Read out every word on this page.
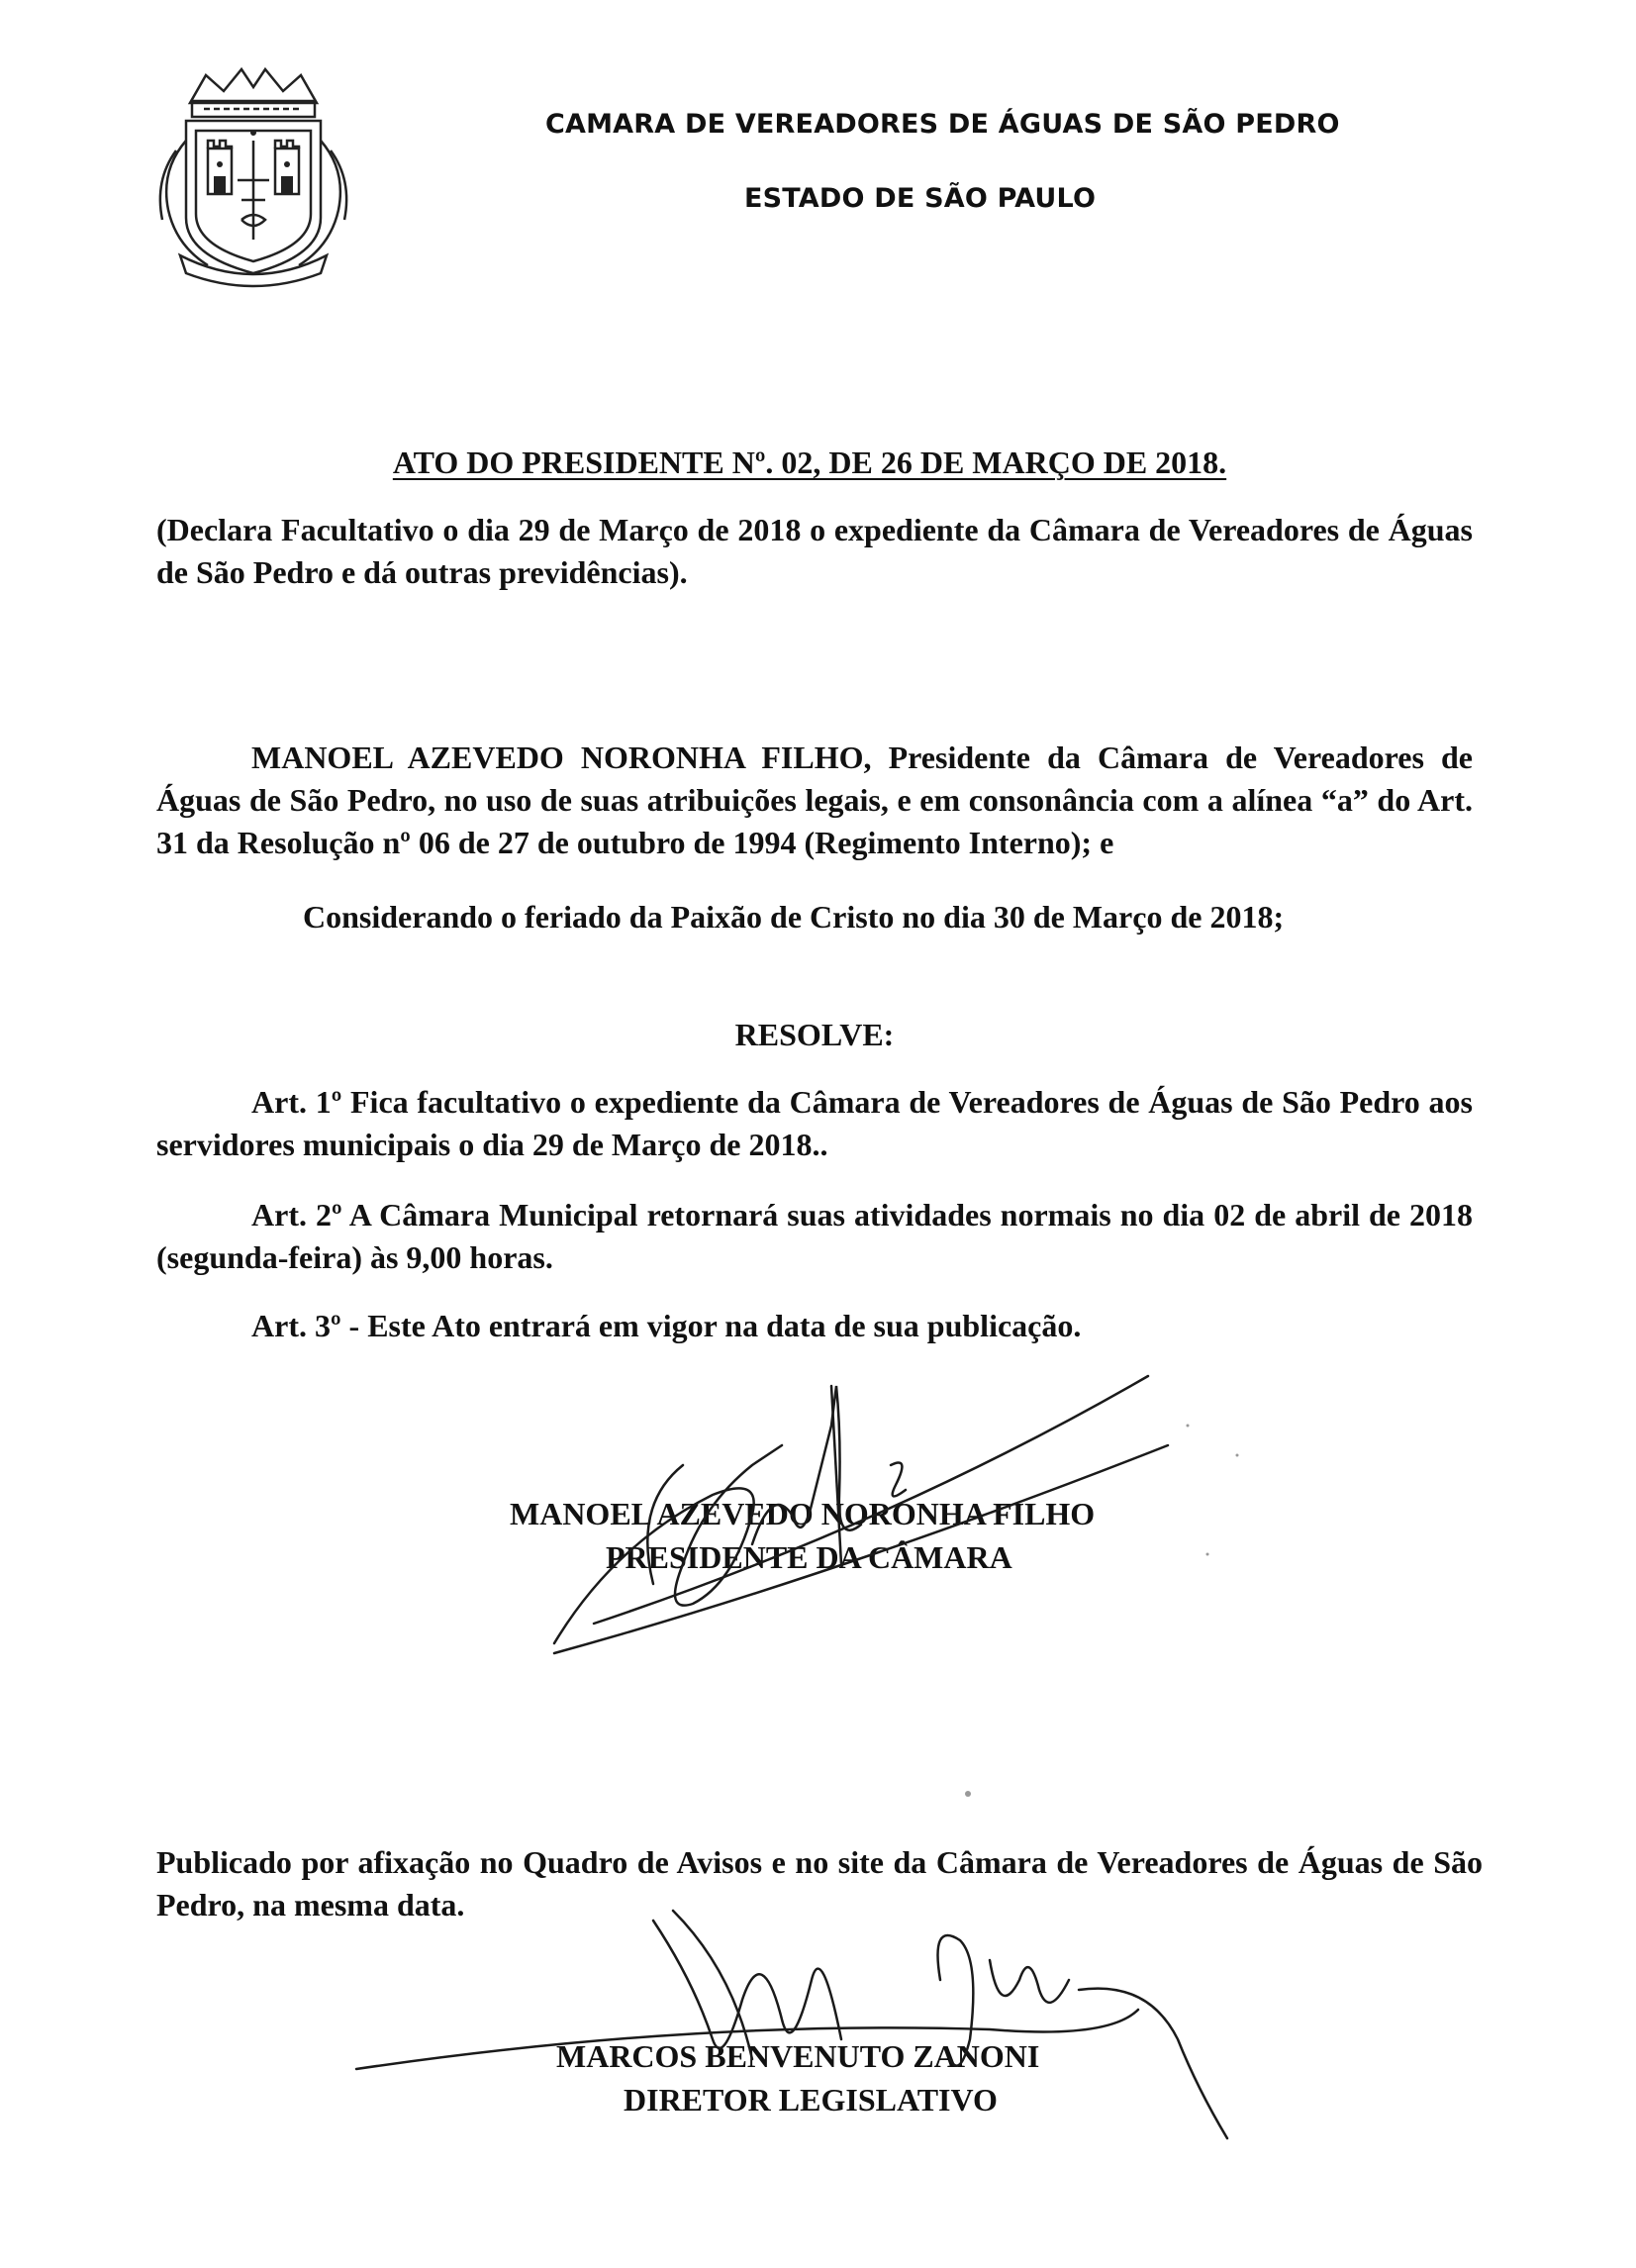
CAMARA DE VEREADORES DE ÁGUAS DE SÃO PEDRO
ESTADO DE SÃO PAULO
ATO DO PRESIDENTE Nº. 02, DE 26 DE MARÇO DE 2018.
(Declara Facultativo o dia 29 de Março de 2018 o expediente da Câmara de Vereadores de Águas de São Pedro e dá outras previdências).
MANOEL AZEVEDO NORONHA FILHO, Presidente da Câmara de Vereadores de Águas de São Pedro, no uso de suas atribuições legais, e em consonância com a alínea “a” do Art. 31 da Resolução nº 06 de 27 de outubro de 1994 (Regimento Interno); e
Considerando o feriado da Paixão de Cristo no dia 30 de Março de 2018;
RESOLVE:
Art. 1º Fica facultativo o expediente da Câmara de Vereadores de Águas de São Pedro aos servidores municipais o dia 29 de Março de 2018..
Art. 2º A Câmara Municipal retornará suas atividades normais no dia 02 de abril de 2018 (segunda-feira) às 9,00 horas.
Art. 3º - Este Ato entrará em vigor na data de sua publicação.
MANOEL AZEVEDO NORONHA FILHO
PRESIDENTE DA CÂMARA
Publicado por afixação no Quadro de Avisos e no site da Câmara de Vereadores de Águas de São Pedro, na mesma data.
MARCOS BENVENUTO ZANONI
DIRETOR LEGISLATIVO
